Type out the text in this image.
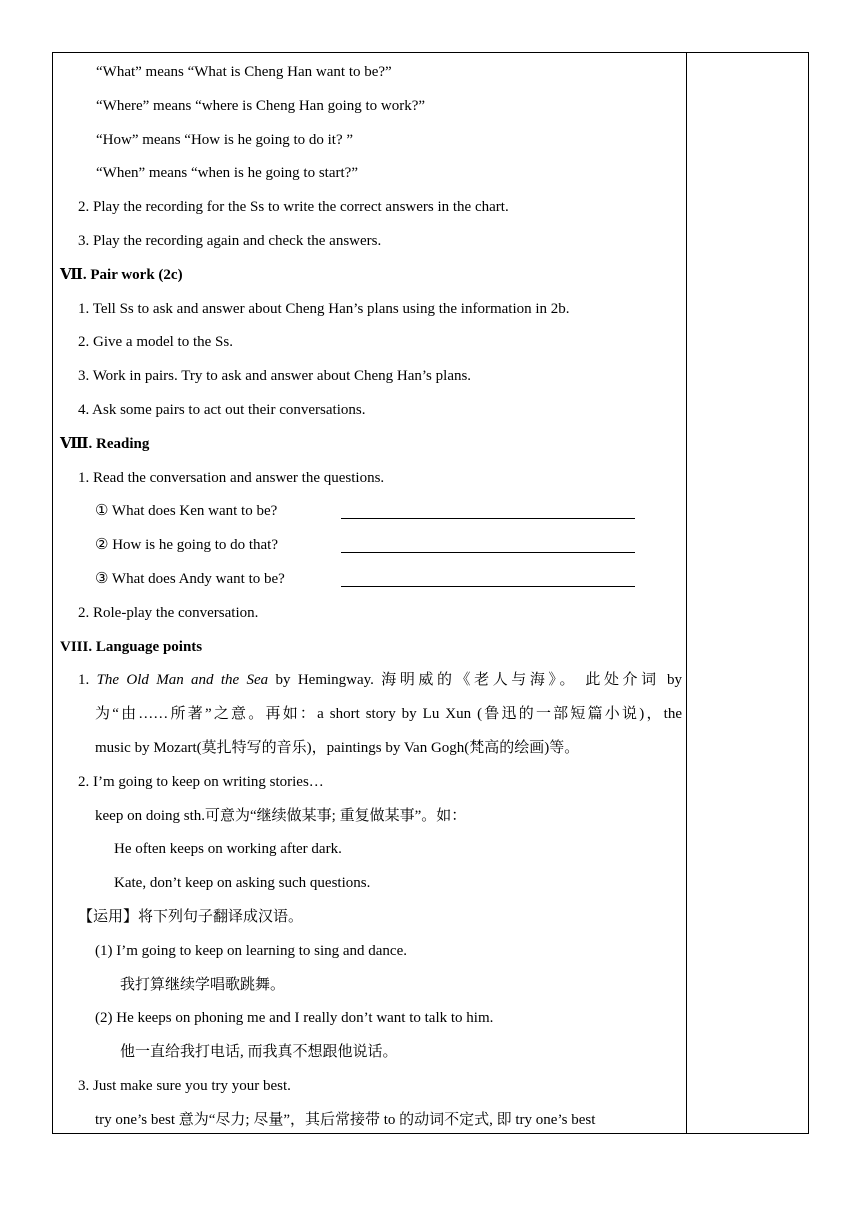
“What” means “What is Cheng Han want to be?”
“Where” means “where is Cheng Han going to work?”
“How” means “How is he going to do it? ”
“When” means “when is he going to start?”
2. Play the recording for the Ss to write the correct answers in the chart.
3. Play the recording again and check the answers.
Ⅶ. Pair work (2c)
1. Tell Ss to ask and answer about Cheng Han’s plans using the information in 2b.
2. Give a model to the Ss.
3. Work in pairs. Try to ask and answer about Cheng Han’s plans.
4. Ask some pairs to act out their conversations.
Ⅷ. Reading
1. Read the conversation and answer the questions.
① What does Ken want to be?
② How is he going to do that?
③ What does Andy want to be?
2. Role-play the conversation.
VIII. Language points
1. The Old Man and the Sea by Hemingway. 海明威的《老人与海》。 此处介词 by
为“由……所著”之意。再如：a short story by Lu Xun (鲁迅的一部短篇小说)，the
music by Mozart(莫扎特写的音乐)，paintings by Van Gogh(梵高的绘画)等。
2. I’m going to keep on writing stories…
keep on doing sth.可意为“继续做某事; 重复做某事”。如：
He often keeps on working after dark.
Kate, don’t keep on asking such questions.
【运用】将下列句子翻译成汉语。
(1) I’m going to keep on learning to sing and dance.
我打算继续学唱歌跳舞。
(2) He keeps on phoning me and I really don’t want to talk to him.
他一直给我打电话, 而我真不想跟他说话。
3. Just make sure you try your best.
try one’s best 意为“尽力; 尽量”，其后常接带 to 的动词不定式, 即 try one’s best
